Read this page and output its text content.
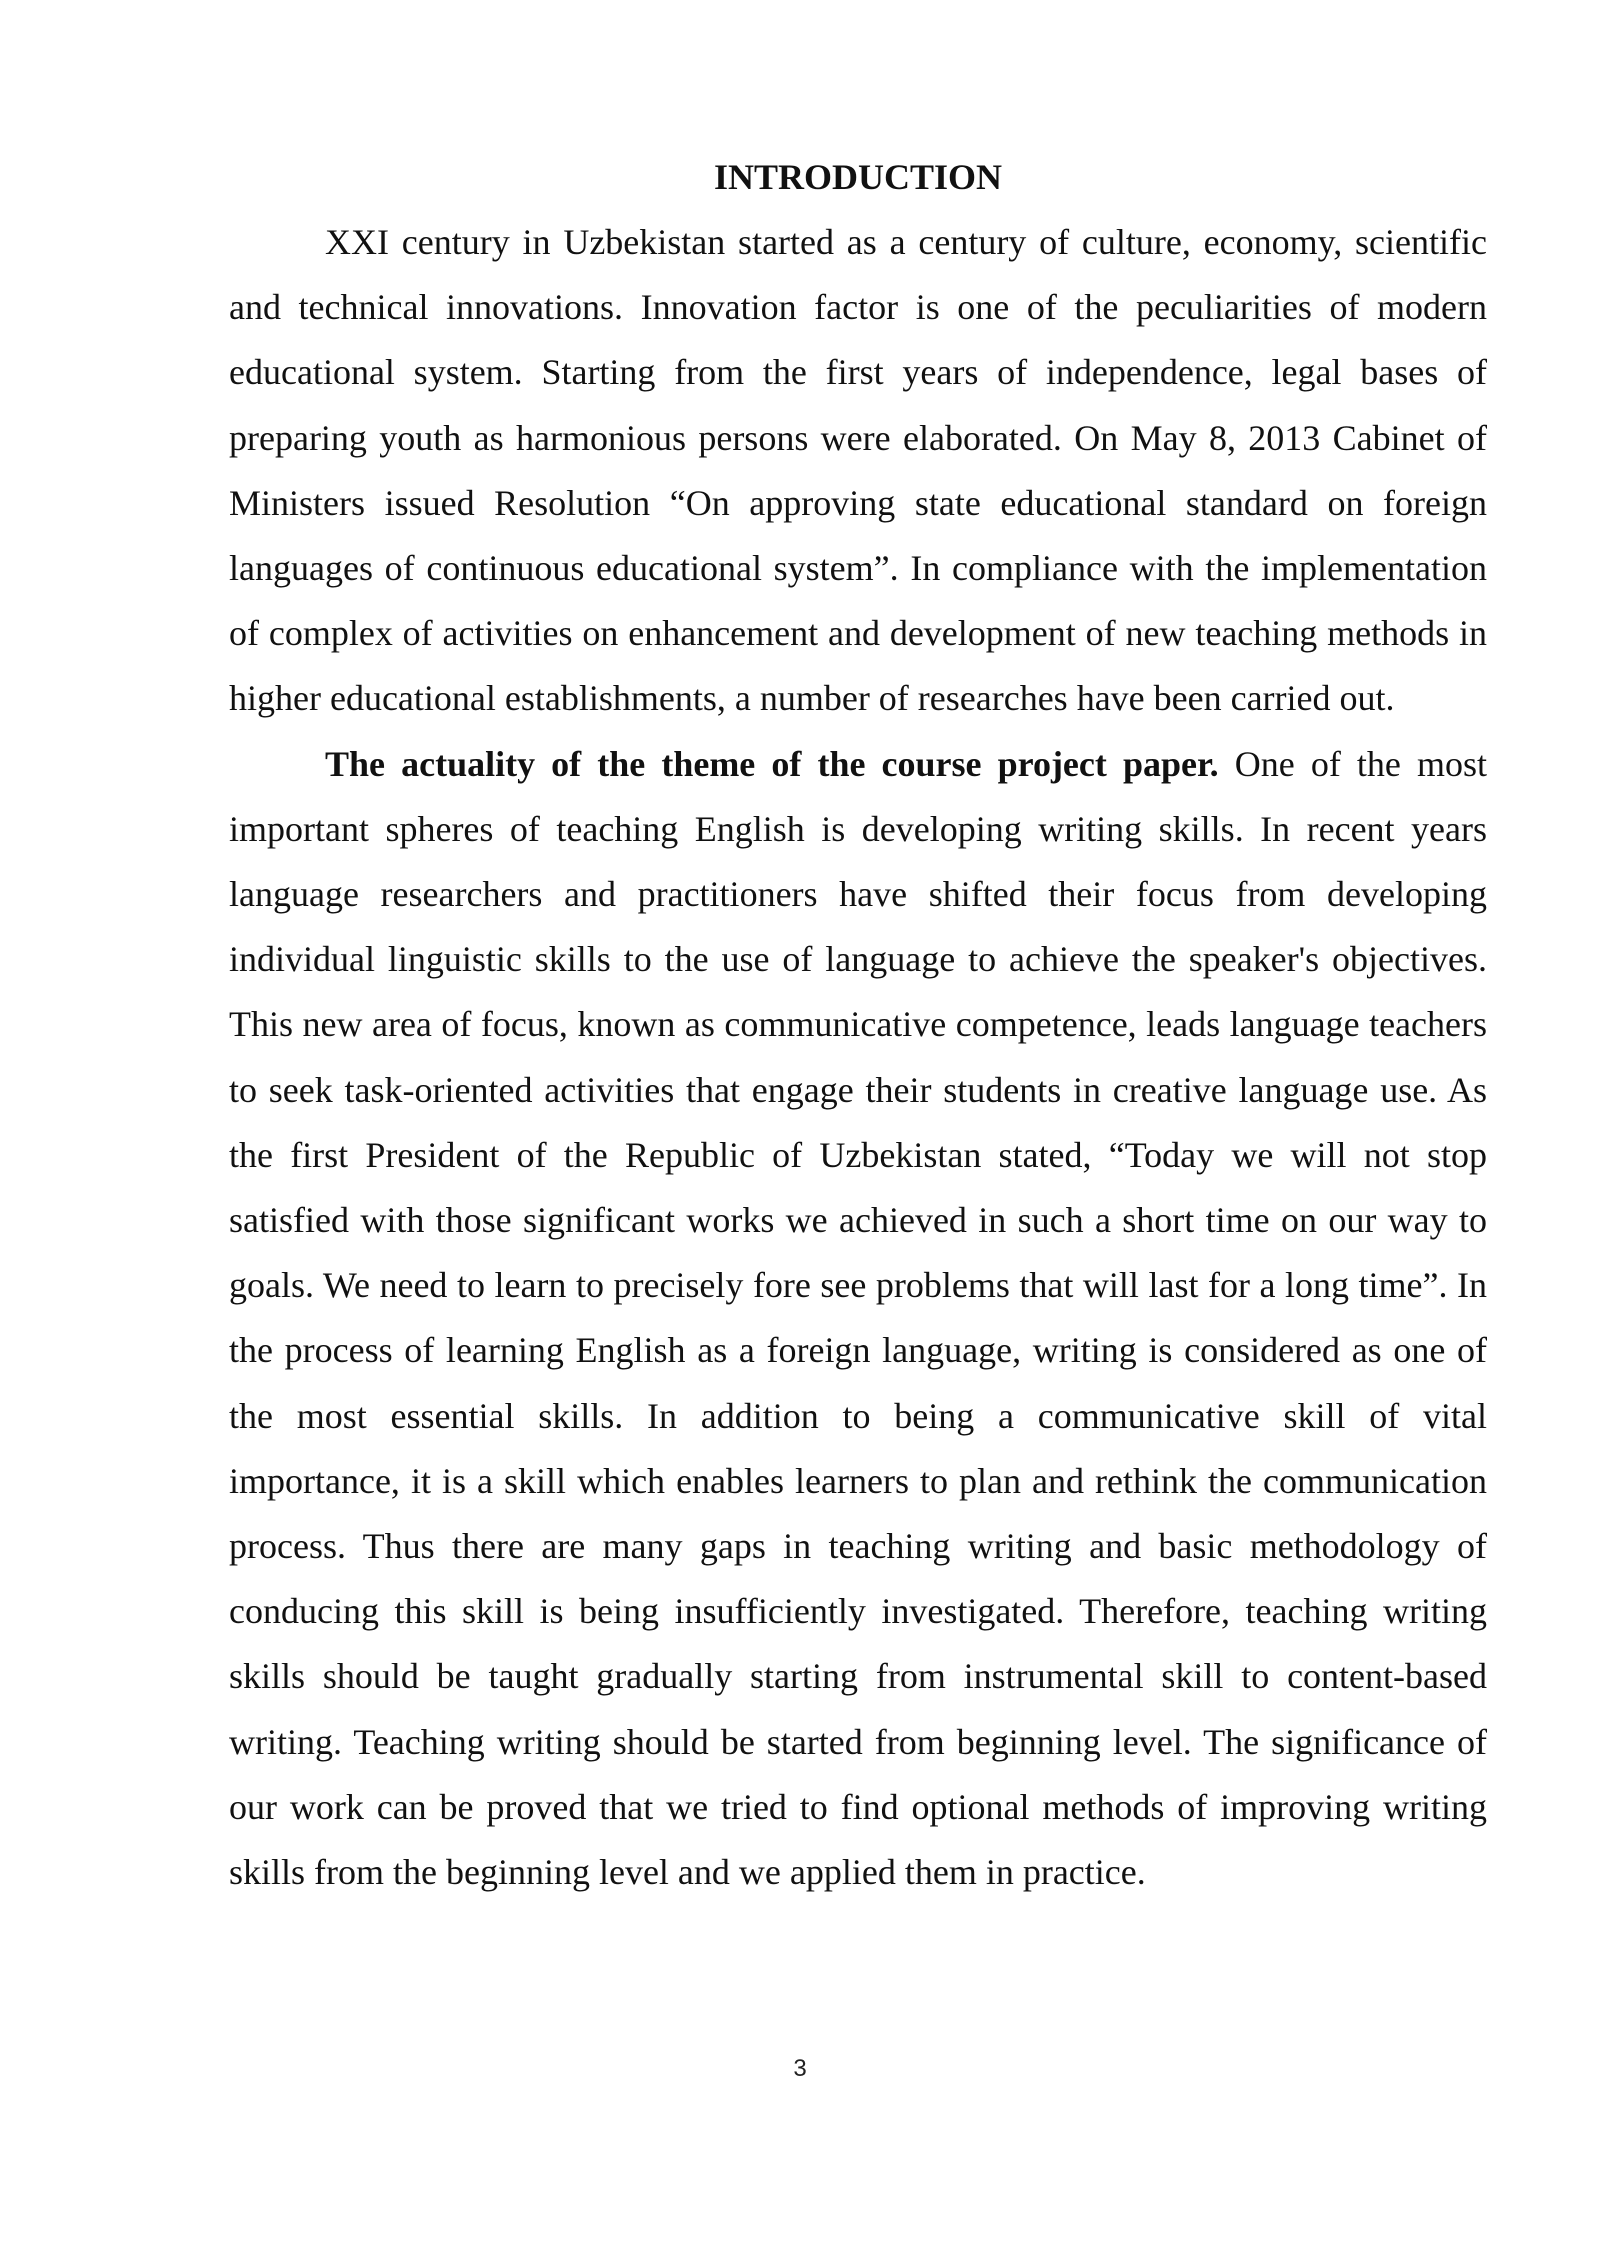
INTRODUCTION

XXI century in Uzbekistan started as a century of culture, economy, scientific and technical innovations. Innovation factor is one of the peculiarities of modern educational system. Starting from the first years of independence, legal bases of preparing youth as harmonious persons were elaborated. On May 8, 2013 Cabinet of Ministers issued Resolution “On approving state educational standard on foreign languages of continuous educational system”. In compliance with the implementation of complex of activities on enhancement and development of new teaching methods in higher educational establishments, a number of researches have been carried out.

The actuality of the theme of the course project paper. One of the most important spheres of teaching English is developing writing skills. In recent years language researchers and practitioners have shifted their focus from developing individual linguistic skills to the use of language to achieve the speaker's objectives. This new area of focus, known as communicative competence, leads language teachers to seek task-oriented activities that engage their students in creative language use. As the first President of the Republic of Uzbekistan stated, “Today we will not stop satisfied with those significant works we achieved in such a short time on our way to goals. We need to learn to precisely fore see problems that will last for a long time”. In the process of learning English as a foreign language, writing is considered as one of the most essential skills. In addition to being a communicative skill of vital importance, it is a skill which enables learners to plan and rethink the communication process. Thus there are many gaps in teaching writing and basic methodology of conducing this skill is being insufficiently investigated. Therefore, teaching writing skills should be taught gradually starting from instrumental skill to content-based writing. Teaching writing should be started from beginning level. The significance of our work can be proved that we tried to find optional methods of improving writing skills from the beginning level and we applied them in practice.

3
